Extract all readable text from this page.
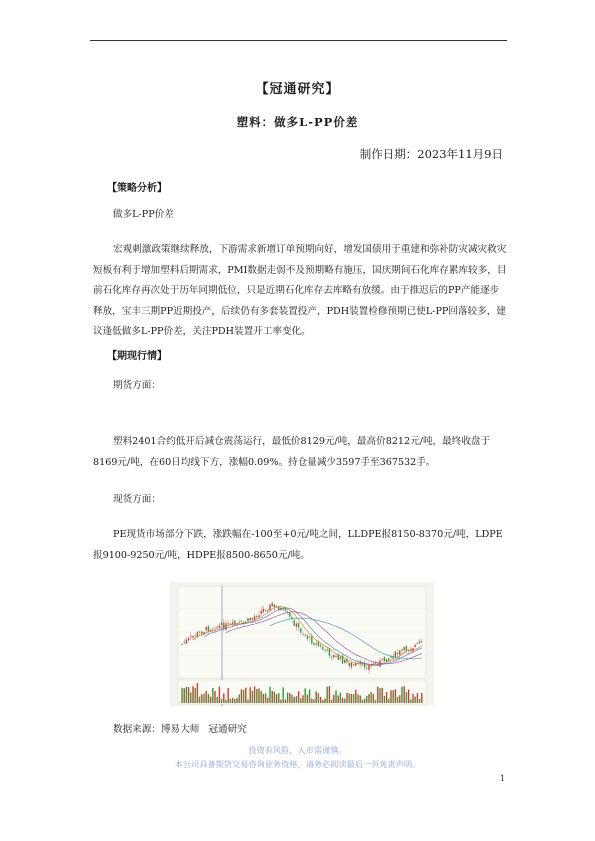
【冠通研究】
塑料：做多L-PP价差
制作日期：2023年11月9日
【策略分析】
做多L-PP价差
宏观刺激政策继续释放，下游需求新增订单预期向好，增发国债用于重建和弥补防灾减灾救灾短板有利于增加塑料后期需求，PMI数据走弱不及预期略有施压，国庆期间石化库存累库较多，目前石化库存再次处于历年同期低位，只是近期石化库存去库略有放缓。由于推迟后的PP产能逐步释放，宝丰三期PP近期投产，后续仍有多套装置投产，PDH装置检修预期已使L-PP回落较多，建议逢低做多L-PP价差，关注PDH装置开工率变化。
【期现行情】
期货方面：
塑料2401合约低开后减仓震荡运行，最低价8129元/吨，最高价8212元/吨，最终收盘于8169元/吨，在60日均线下方，涨幅0.09%。持仓量减少3597手至367532手。
现货方面：
PE现货市场部分下跌，涨跌幅在-100至+0元/吨之间，LLDPE报8150-8370元/吨，LDPE报9100-9250元/吨，HDPE报8500-8650元/吨。
数据来源：博易大师 冠通研究
投资有风险，入市需谨慎。
本公司具备期货交易咨询业务资格，请务必阅读最后一页免责声明。
1
